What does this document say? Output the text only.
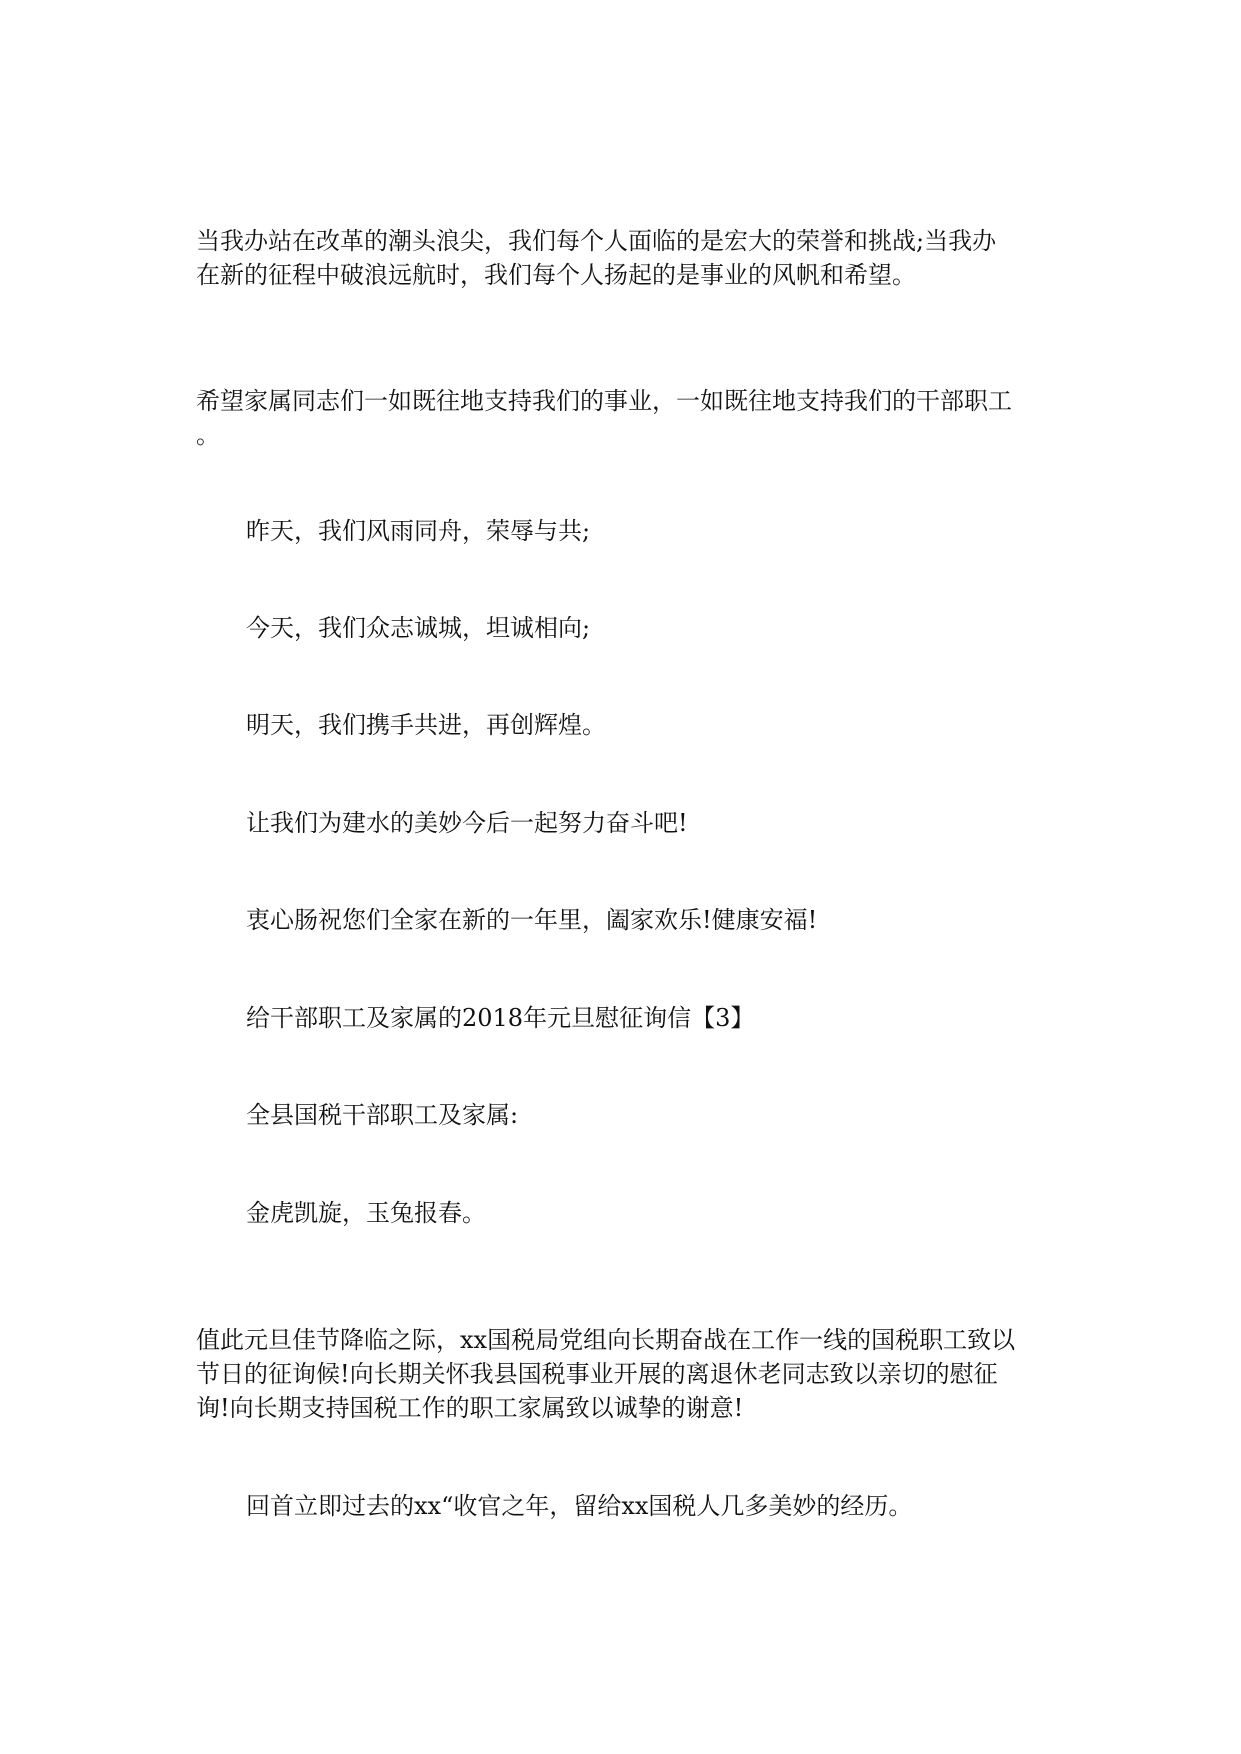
当我办站在改革的潮头浪尖，我们每个人面临的是宏大的荣誉和挑战;当我办
在新的征程中破浪远航时，我们每个人扬起的是事业的风帆和希望。

希望家属同志们一如既往地支持我们的事业，一如既往地支持我们的干部职工
。

昨天，我们风雨同舟，荣辱与共;

今天，我们众志诚城，坦诚相向;

明天，我们携手共进，再创辉煌。

让我们为建水的美妙今后一起努力奋斗吧!

衷心肠祝您们全家在新的一年里，阖家欢乐!健康安福!

给干部职工及家属的2018年元旦慰征询信【3】

全县国税干部职工及家属:

金虎凯旋，玉兔报春。

值此元旦佳节降临之际，xx国税局党组向长期奋战在工作一线的国税职工致以
节日的征询候!向长期关怀我县国税事业开展的离退休老同志致以亲切的慰征
询!向长期支持国税工作的职工家属致以诚挚的谢意!

回首立即过去的xx“收官之年，留给xx国税人几多美妙的经历。
